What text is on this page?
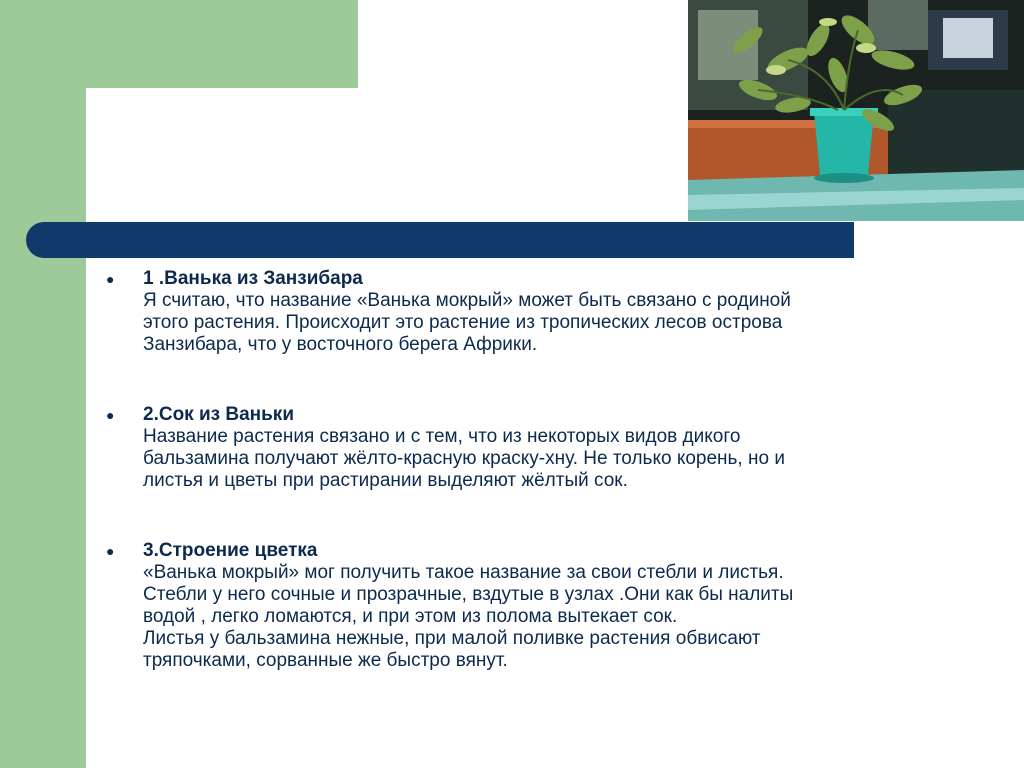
● 1 .Ванька из Занзибара
Я считаю, что название «Ванька мокрый» может быть связано с родиной
этого растения. Происходит это растение из тропических лесов острова
Занзибара, что у восточного берега Африки.
● 2.Сок из Ваньки
Название растения связано и с тем, что из некоторых видов дикого
бальзамина получают жёлто-красную краску-хну. Не только корень, но и
листья и цветы при растирании выделяют жёлтый сок.
● 3.Строение цветка
«Ванька мокрый» мог получить такое название за свои стебли и листья.
Стебли у него сочные и прозрачные, вздутые в узлах .Они как бы налиты
водой , легко ломаются, и при этом из полома вытекает сок.
Листья у бальзамина нежные, при малой поливке растения обвисают
тряпочками, сорванные же быстро вянут.
